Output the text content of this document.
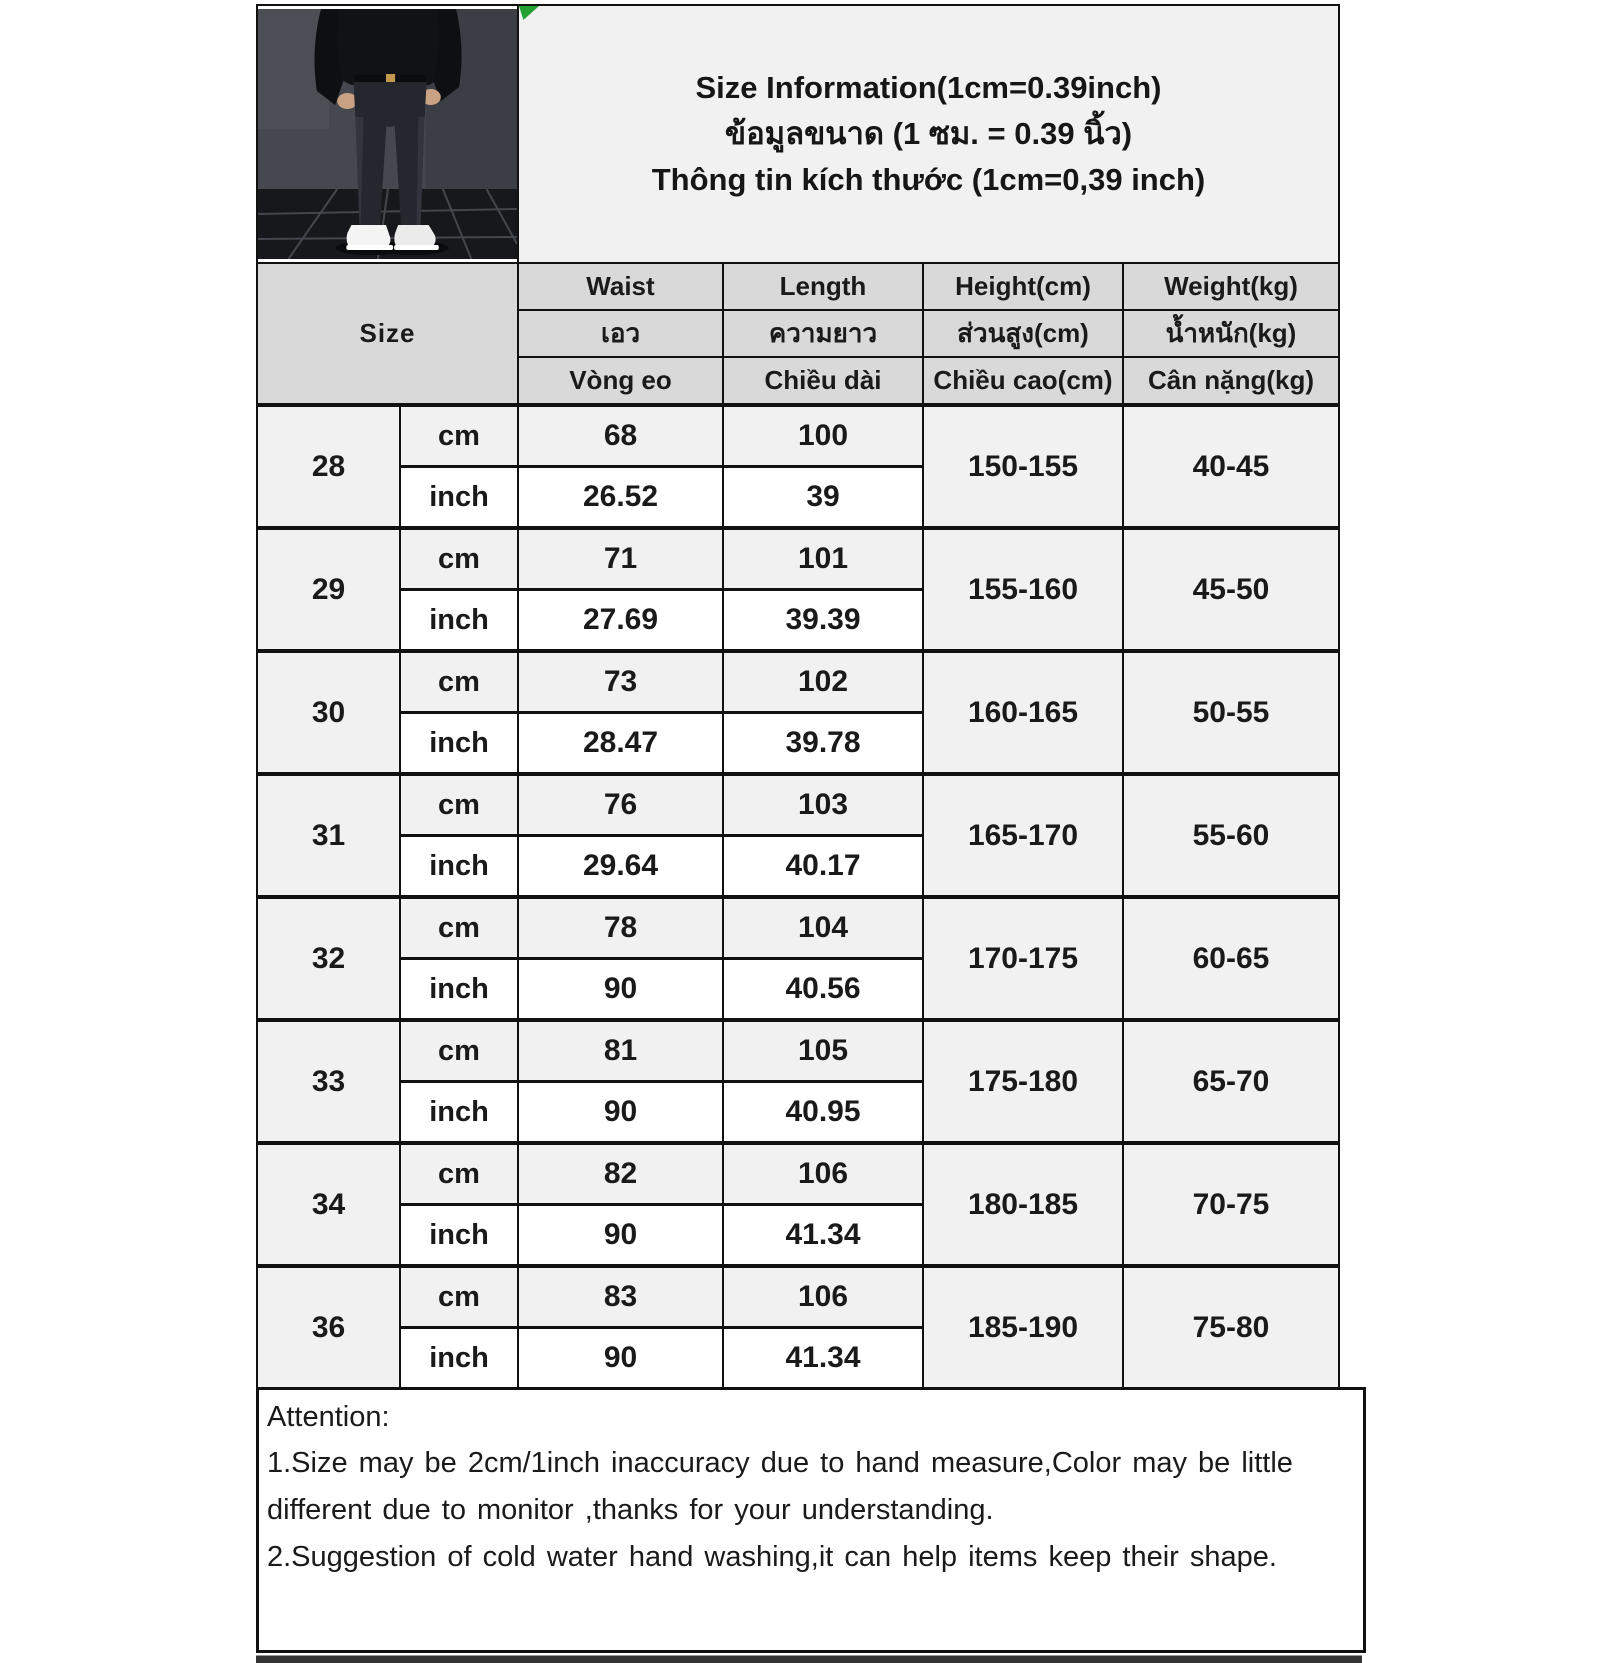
Size Information(1cm=0.39inch)
ข้อมูลขนาด (1 ซม. = 0.39 นิ้ว)
Thông tin kích thước (1cm=0,39 inch)			

Size		Waist	Length	Height(cm)	Weight(kg)
		เอว	ความยาว	ส่วนสูง(cm)	น้ำหนัก(kg)
		Vòng eo	Chiều dài	Chiều cao(cm)	Cân nặng(kg)
28	cm	68	100	150-155	40-45
	inch	26.52	39		
29	cm	71	101	155-160	45-50
	inch	27.69	39.39		
30	cm	73	102	160-165	50-55
	inch	28.47	39.78		
31	cm	76	103	165-170	55-60
	inch	29.64	40.17		
32	cm	78	104	170-175	60-65
	inch	90	40.56		
33	cm	81	105	175-180	65-70
	inch	90	40.95		
34	cm	82	106	180-185	70-75
	inch	90	41.34		
36	cm	83	106	185-190	75-80
	inch	90	41.34		
Attention:
1.Size may be 2cm/1inch inaccuracy due to hand measure,Color may be little different due to monitor ,thanks for your understanding.
2.Suggestion of cold water hand washing,it can help items keep their shape.
